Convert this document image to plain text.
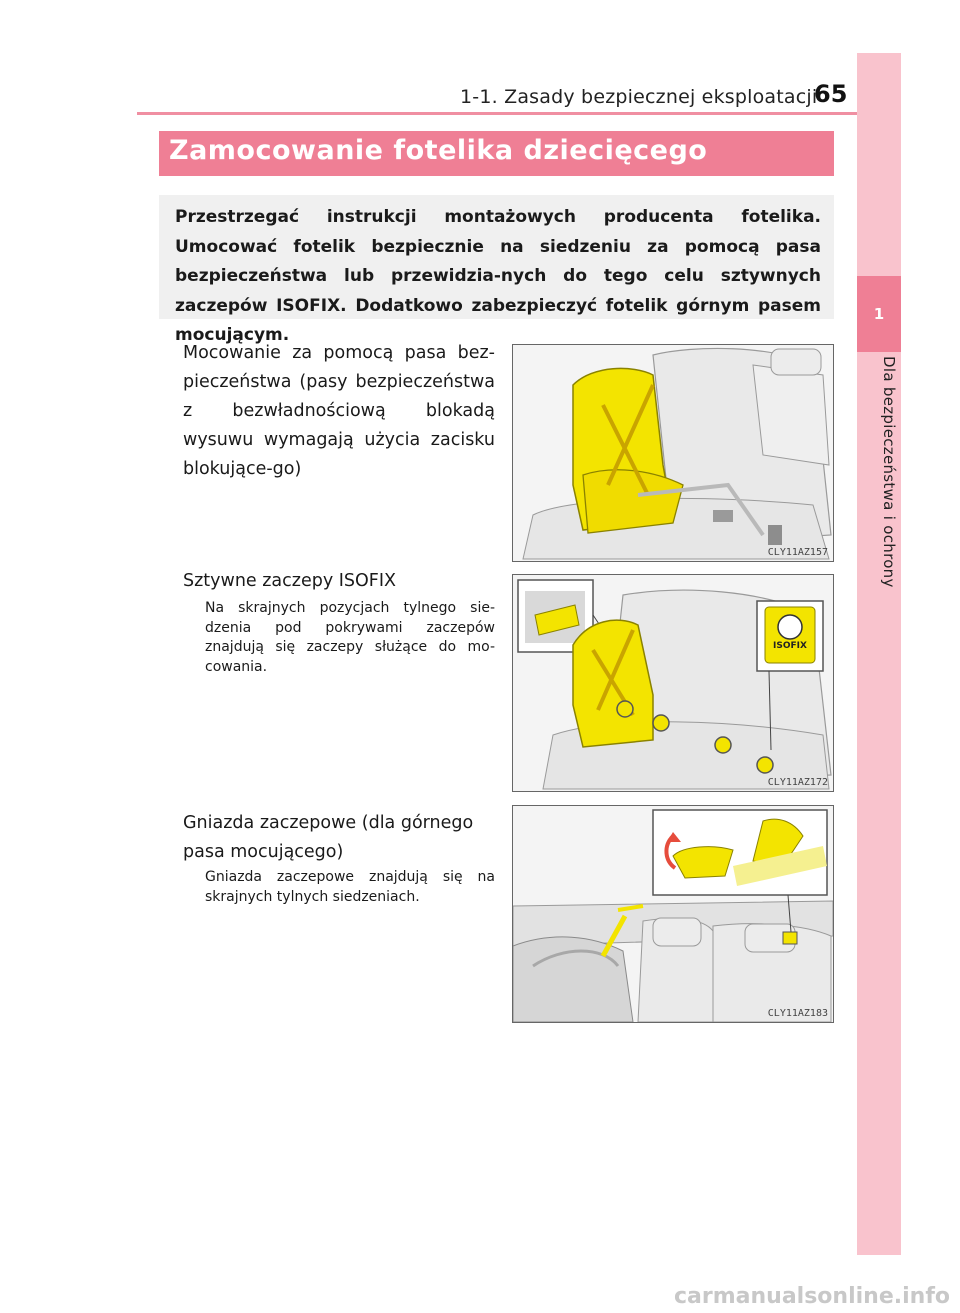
1-1. Zasady bezpiecznej eksploatacji
65
1
Dla bezpieczeństwa i ochrony
Zamocowanie fotelika dziecięcego
Przestrzegać instrukcji montażowych producenta fotelika. Umocować fotelik bezpiecznie na siedzeniu za pomocą pasa bezpieczeństwa lub przewidzia-nych do tego celu sztywnych zaczepów ISOFIX. Dodatkowo zabezpieczyć fotelik górnym pasem mocującym.
Mocowanie za pomocą pasa bez-pieczeństwa (pasy bezpieczeństwa z bezwładnościową blokadą wysuwu wymagają użycia zacisku blokujące-go)
CLY11AZ157
Sztywne zaczepy ISOFIX
Na skrajnych pozycjach tylnego sie-dzenia pod pokrywami zaczepów znajdują się zaczepy służące do mo-cowania.
ISOFIX
CLY11AZ172
Gniazda zaczepowe (dla górnego pasa mocującego)
Gniazda zaczepowe znajdują się na skrajnych tylnych siedzeniach.
CLY11AZ183
carmanualsonline.info
